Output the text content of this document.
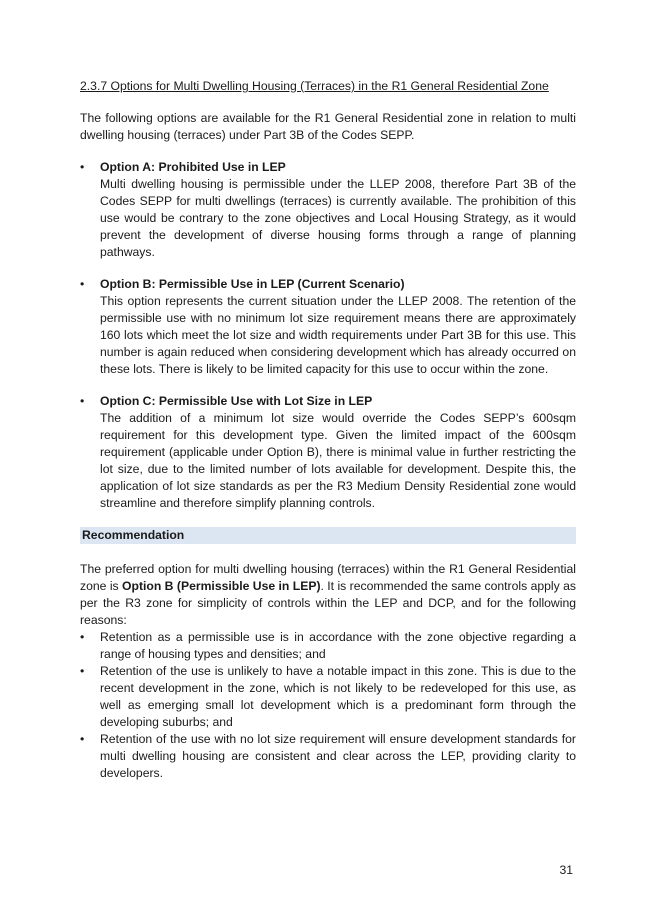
2.3.7 Options for Multi Dwelling Housing (Terraces) in the R1 General Residential Zone

The following options are available for the R1 General Residential zone in relation to multi dwelling housing (terraces) under Part 3B of the Codes SEPP.

• Option A: Prohibited Use in LEP
Multi dwelling housing is permissible under the LLEP 2008, therefore Part 3B of the Codes SEPP for multi dwellings (terraces) is currently available. The prohibition of this use would be contrary to the zone objectives and Local Housing Strategy, as it would prevent the development of diverse housing forms through a range of planning pathways.
• Option B: Permissible Use in LEP (Current Scenario)
This option represents the current situation under the LLEP 2008. The retention of the permissible use with no minimum lot size requirement means there are approximately 160 lots which meet the lot size and width requirements under Part 3B for this use. This number is again reduced when considering development which has already occurred on these lots. There is likely to be limited capacity for this use to occur within the zone.
• Option C: Permissible Use with Lot Size in LEP
The addition of a minimum lot size would override the Codes SEPP’s 600sqm requirement for this development type. Given the limited impact of the 600sqm requirement (applicable under Option B), there is minimal value in further restricting the lot size, due to the limited number of lots available for development. Despite this, the application of lot size standards as per the R3 Medium Density Residential zone would streamline and therefore simplify planning controls.
Recommendation

The preferred option for multi dwelling housing (terraces) within the R1 General Residential zone is Option B (Permissible Use in LEP). It is recommended the same controls apply as per the R3 zone for simplicity of controls within the LEP and DCP, and for the following reasons:

• Retention as a permissible use is in accordance with the zone objective regarding a range of housing types and densities; and
• Retention of the use is unlikely to have a notable impact in this zone. This is due to the recent development in the zone, which is not likely to be redeveloped for this use, as well as emerging small lot development which is a predominant form through the developing suburbs; and
• Retention of the use with no lot size requirement will ensure development standards for multi dwelling housing are consistent and clear across the LEP, providing clarity to developers.
31
